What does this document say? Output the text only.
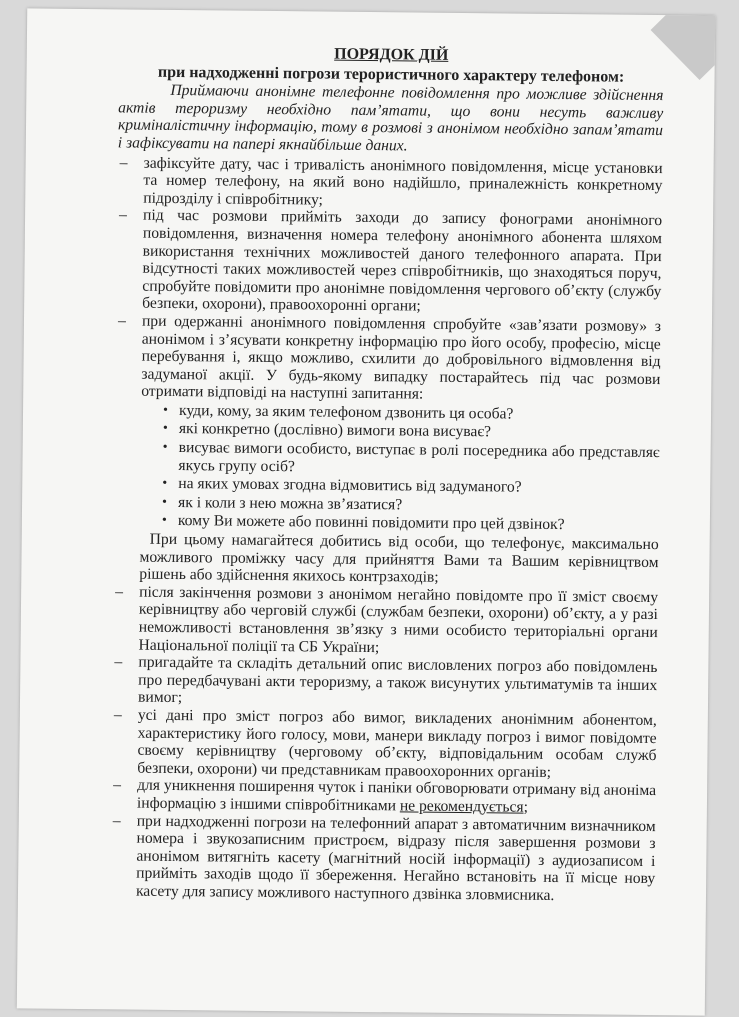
ПОРЯДОК ДІЙ

при надходженні погрози терористичного характеру телефоном:

Приймаючи анонімне телефонне повідомлення про можливе здійснення актів тероризму необхідно пам’ятати, що вони несуть важливу криміналістичну інформацію, тому в розмові з анонімом необхідно запам’ятати і зафіксувати на папері якнайбільше даних.

– зафіксуйте дату, час і тривалість анонімного повідомлення, місце установки та номер телефону, на який воно надійшло, приналежність конкретному підрозділу і співробітнику;
– під час розмови прийміть заходи до запису фонограми анонімного повідомлення, визначення номера телефону анонімного абонента шляхом використання технічних можливостей даного телефонного апарата. При відсутності таких можливостей через співробітників, що знаходяться поруч, спробуйте повідомити про анонімне повідомлення чергового об’єкту (службу безпеки, охорони), правоохоронні органи;
– при одержанні анонімного повідомлення спробуйте «зав’язати розмову» з анонімом і з’ясувати конкретну інформацію про його особу, професію, місце перебування і, якщо можливо, схилити до добровільного відмовлення від задуманої акції. У будь-якому випадку постарайтесь під час розмови отримати відповіді на наступні запитання:
• куди, кому, за яким телефоном дзвонить ця особа?
• які конкретно (дослівно) вимоги вона висуває?
• висуває вимоги особисто, виступає в ролі посередника або представляє якусь групу осіб?
• на яких умовах згодна відмовитись від задуманого?
• як і коли з нею можна зв’язатися?
• кому Ви можете або повинні повідомити про цей дзвінок?

При цьому намагайтеся добитись від особи, що телефонує, максимально можливого проміжку часу для прийняття Вами та Вашим керівництвом рішень або здійснення якихось контрзаходів;

– після закінчення розмови з анонімом негайно повідомте про її зміст своєму керівництву або черговій службі (службам безпеки, охорони) об’єкту, а у разі неможливості встановлення зв’язку з ними особисто територіальні органи Національної поліції та СБ України;
– пригадайте та складіть детальний опис висловлених погроз або повідомлень про передбачувані акти тероризму, а також висунутих ультиматумів та інших вимог;
– усі дані про зміст погроз або вимог, викладених анонімним абонентом, характеристику його голосу, мови, манери викладу погроз і вимог повідомте своєму керівництву (черговому об’єкту, відповідальним особам служб безпеки, охорони) чи представникам правоохоронних органів;
– для уникнення поширення чуток і паніки обговорювати отриману від аноніма інформацію з іншими співробітниками не рекомендується;
– при надходженні погрози на телефонний апарат з автоматичним визначником номера і звукозаписним пристроєм, відразу після завершення розмови з анонімом витягніть касету (магнітний носій інформації) з аудиозаписом і прийміть заходів щодо її збереження. Негайно встановіть на її місце нову касету для запису можливого наступного дзвінка зловмисника.
